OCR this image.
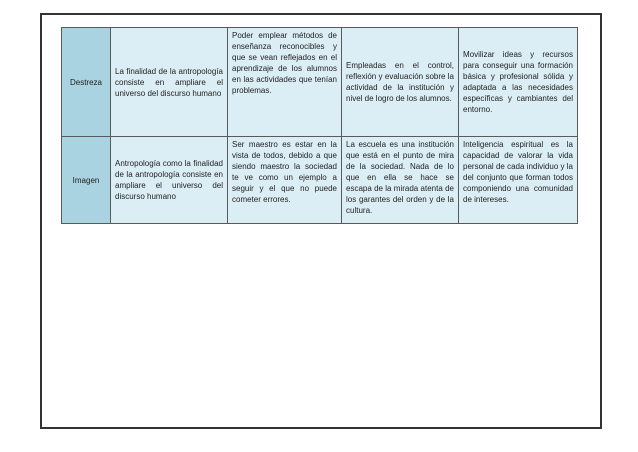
Destreza	La finalidad de la antropología consiste en ampliare el universo del discurso humano	Poder emplear métodos de enseñanza reconocibles y que se vean reflejados en el aprendizaje de los alumnos en las actividades que tenían problemas.	Empleadas en el control, reflexión y evaluación sobre la actividad de la institución y nivel de logro de los alumnos.	Movilizar ideas y recursos para conseguir una formación básica y profesional sólida y adaptada a las necesidades específicas y cambiantes del entorno.
Imagen	Antropología como la finalidad de la antropología consiste en ampliare el universo del discurso humano	Ser maestro es estar en la vista de todos, debido a que siendo maestro la sociedad te ve como un ejemplo a seguir y el que no puede cometer errores.	La escuela es una institución que está en el punto de mira de la sociedad. Nada de lo que en ella se hace se escapa de la mirada atenta de los garantes del orden y de la cultura.	Inteligencia espiritual es la capacidad de valorar la vida personal de cada individuo y la del conjunto que forman todos componiendo una comunidad de intereses.
